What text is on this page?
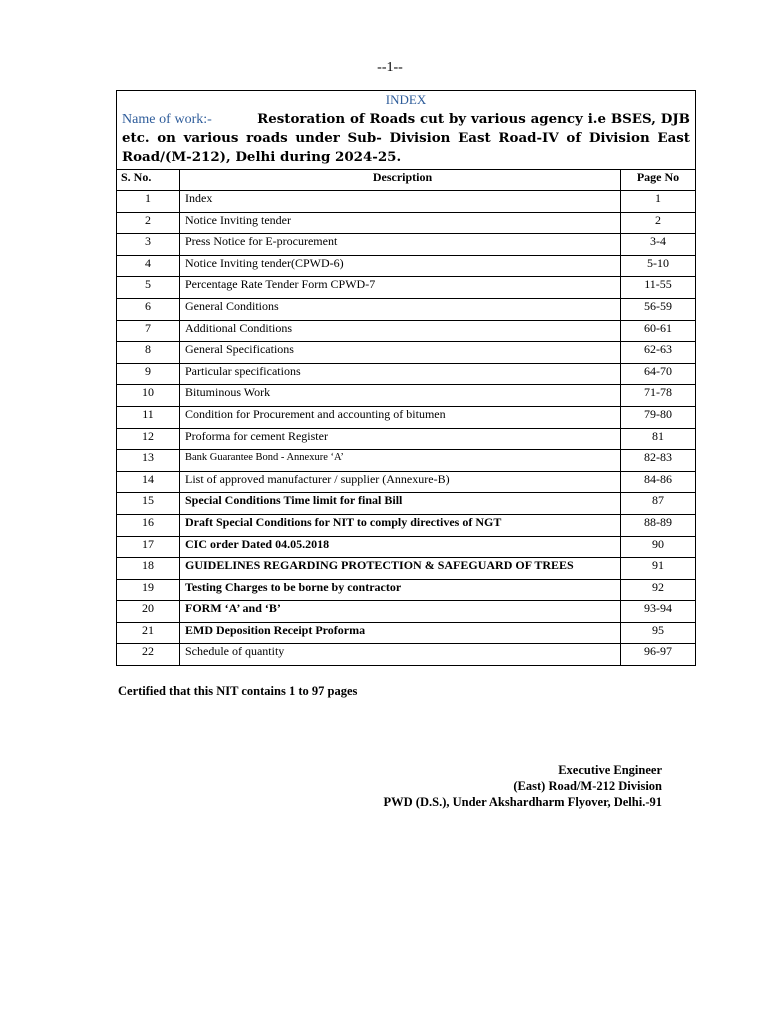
--1--
INDEX
Name of work:-	Restoration of Roads cut by various agency i.e BSES, DJB etc. on various roads under Sub- Division East Road-IV of Division East Road/(M-212), Delhi during 2024-25.
S. No.	Description	Page No
1	Index	1
2	Notice Inviting tender	2
3	Press Notice for E-procurement	3-4
4	Notice Inviting tender(CPWD-6)	5-10
5	Percentage Rate Tender Form CPWD-7	11-55
6	General Conditions	56-59
7	Additional Conditions	60-61
8	General Specifications	62-63
9	Particular specifications	64-70
10	Bituminous Work	71-78
11	Condition for Procurement and accounting of bitumen	79-80
12	Proforma for cement Register	81
13	Bank Guarantee Bond - Annexure ‘A’	82-83
14	List of approved manufacturer / supplier (Annexure-B)	84-86
15	Special Conditions Time limit for final Bill	87
16	Draft Special Conditions for NIT to comply directives of NGT	88-89
17	CIC order Dated 04.05.2018	90
18	GUIDELINES REGARDING PROTECTION & SAFEGUARD OF TREES	91
19	Testing Charges to be borne by contractor	92
20	FORM ‘A’ and ‘B’	93-94
21	EMD Deposition Receipt Proforma	95
22	Schedule of quantity	96-97
Certified that this NIT contains 1 to 97 pages
Executive Engineer
(East) Road/M-212 Division
PWD (D.S.), Under Akshardharm Flyover, Delhi.-91
